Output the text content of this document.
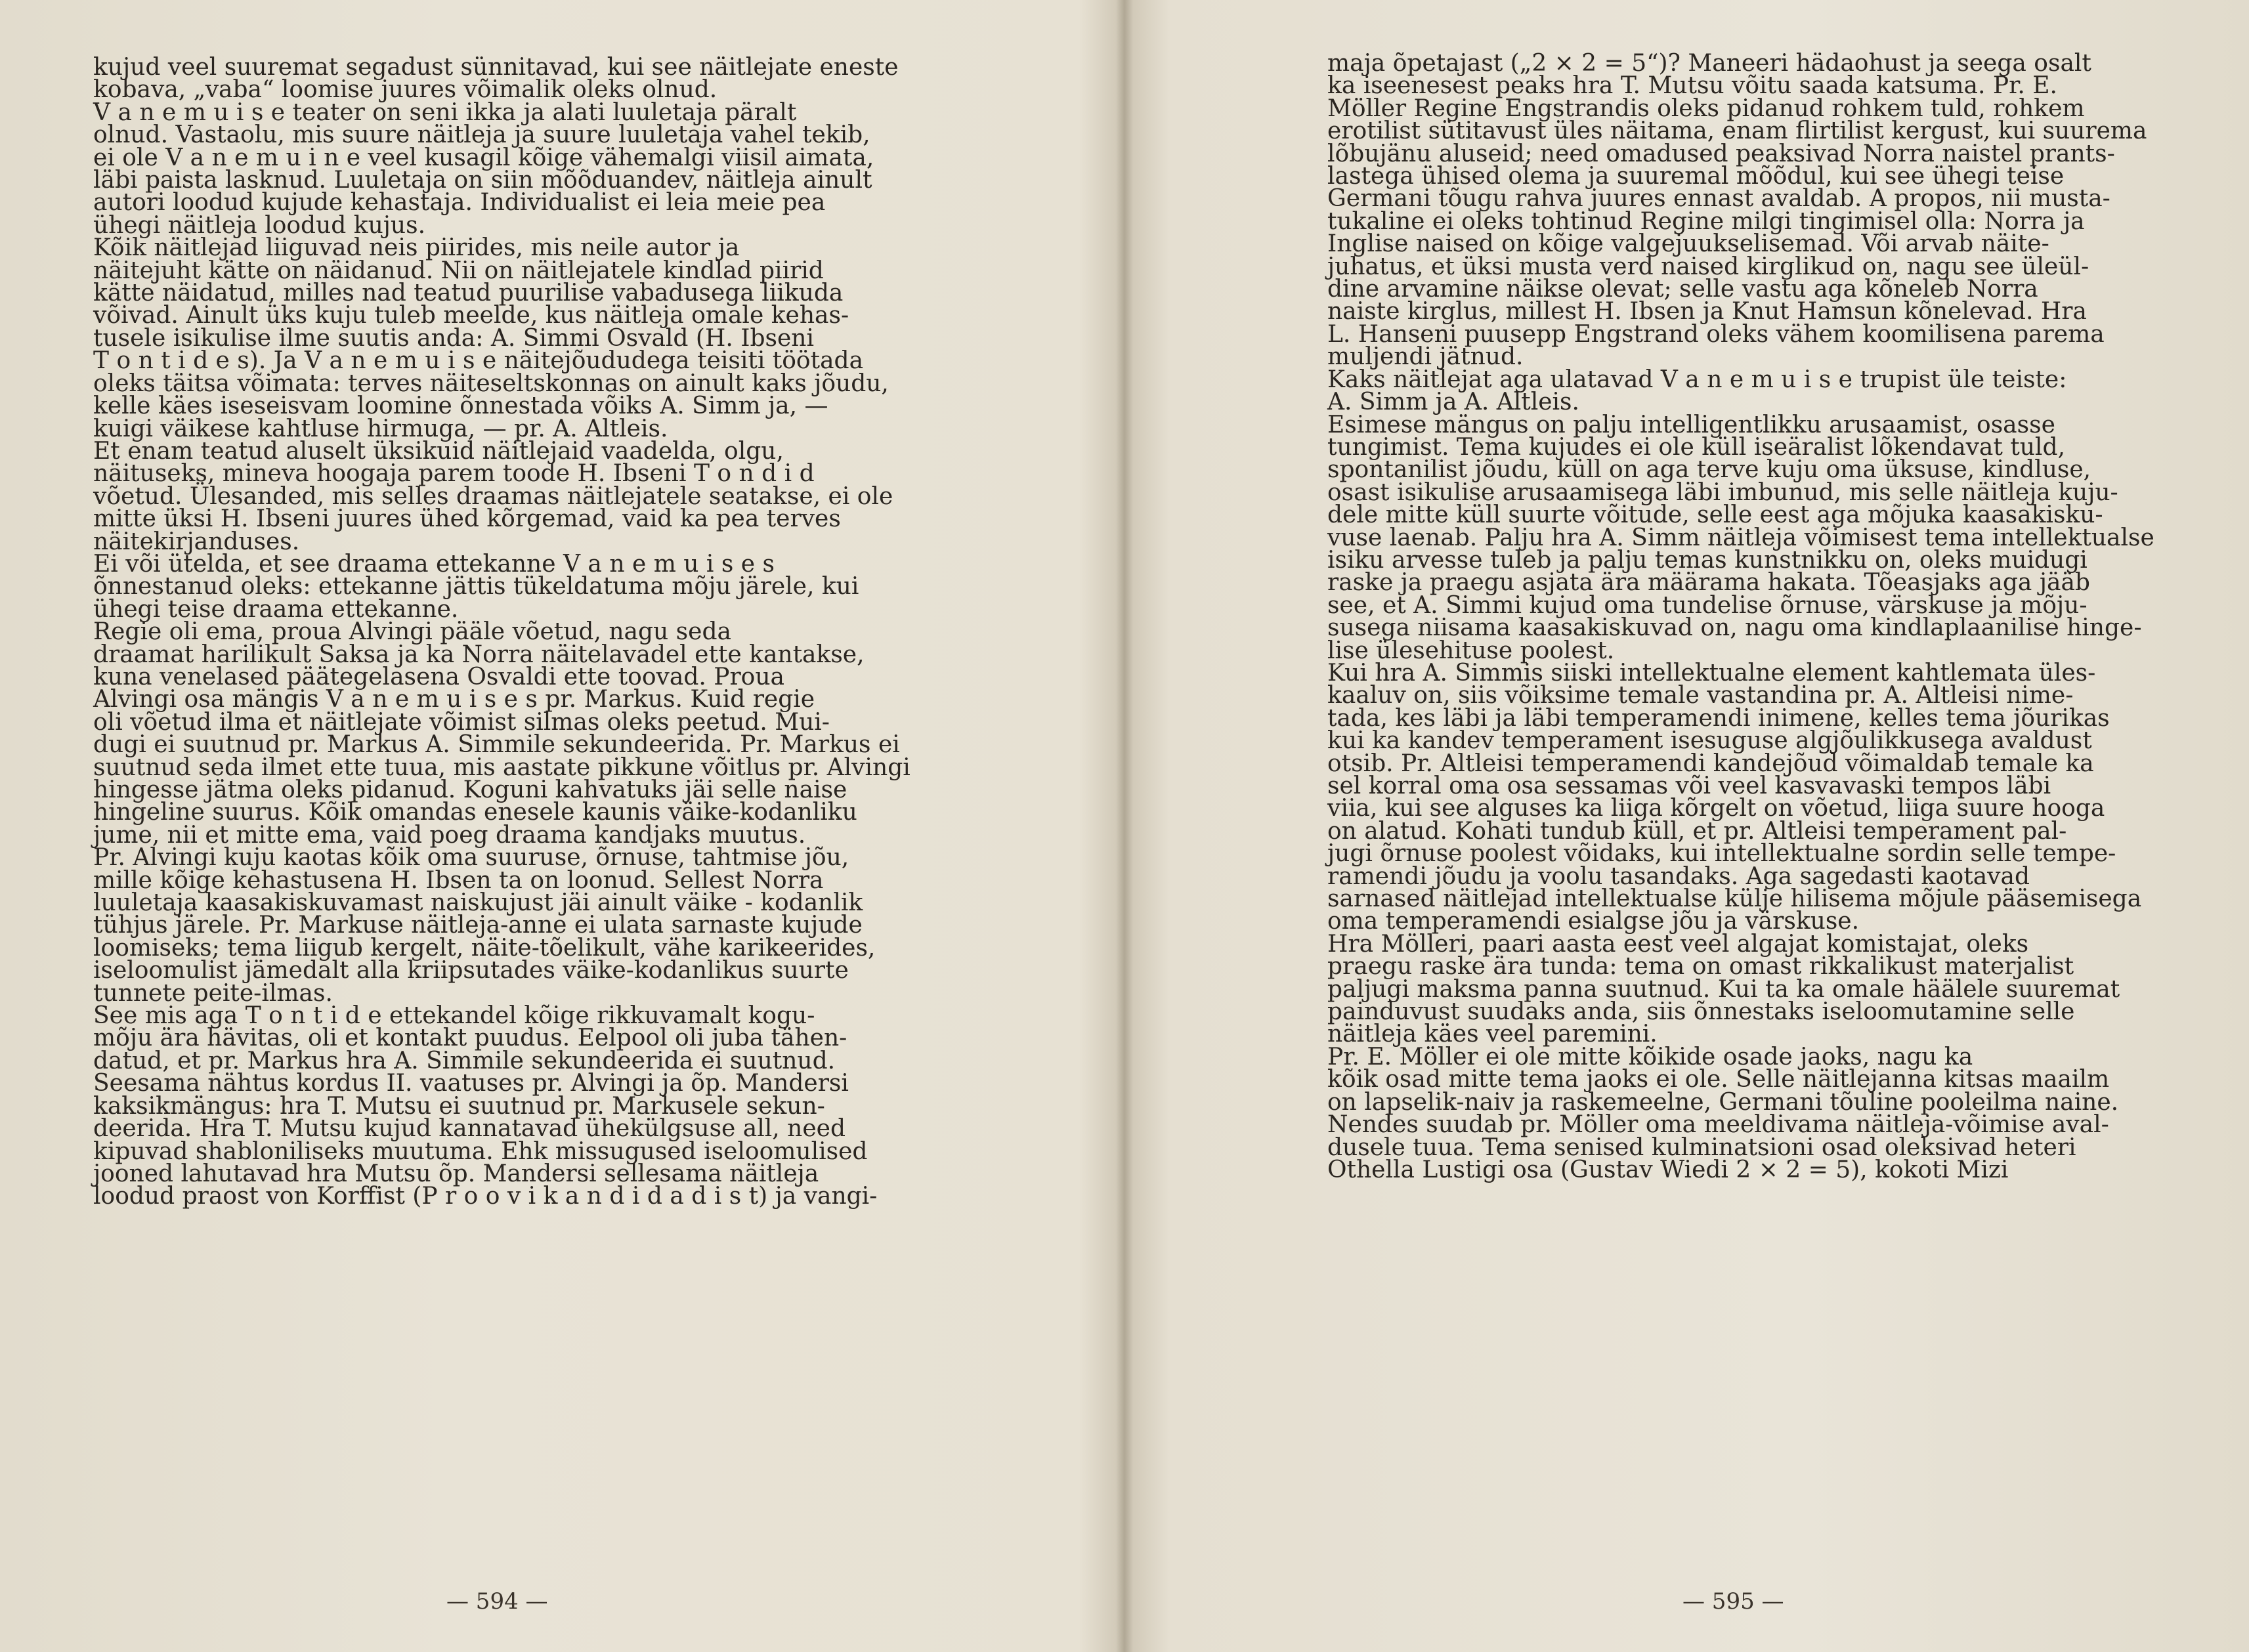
kujud veel suuremat segadust sünnitavad, kui see näitlejate eneste
kobava, „vaba“ loomise juures võimalik oleks olnud.

V a n e m u i s e teater on seni ikka ja alati luuletaja päralt
olnud. Vastaolu, mis suure näitleja ja suure luuletaja vahel tekib,
ei ole V a n e m u i n e veel kusagil kõige vähemalgi viisil aimata,
läbi paista lasknud. Luuletaja on siin mõõduandev, näitleja ainult
autori loodud kujude kehastaja. Individualist ei leia meie pea
ühegi näitleja loodud kujus.

Kõik näitlejad liiguvad neis piirides, mis neile autor ja
näitejuht kätte on näidanud. Nii on näitlejatele kindlad piirid
kätte näidatud, milles nad teatud puurilise vabadusega liikuda
võivad. Ainult üks kuju tuleb meelde, kus näitleja omale kehas-
tusele isikulise ilme suutis anda: A. Simmi Osvald (H. Ibseni
T o n t i d e s). Ja V a n e m u i s e näitejõududega teisiti töötada
oleks täitsa võimata: terves näiteseltskonnas on ainult kaks jõudu,
kelle käes iseseisvam loomine õnnestada võiks A. Simm ja, —
kuigi väikese kahtluse hirmuga, — pr. A. Altleis.

Et enam teatud aluselt üksikuid näitlejaid vaadelda, olgu,
näituseks, mineva hoogaja parem toode H. Ibseni T o n d i d
võetud. Ülesanded, mis selles draamas näitlejatele seatakse, ei ole
mitte üksi H. Ibseni juures ühed kõrgemad, vaid ka pea terves
näitekirjanduses.

Ei või ütelda, et see draama ettekanne V a n e m u i s e s
õnnestanud oleks: ettekanne jättis tükeldatuma mõju järele, kui
ühegi teise draama ettekanne.

Regie oli ema, proua Alvingi pääle võetud, nagu seda
draamat harilikult Saksa ja ka Norra näitelavadel ette kantakse,
kuna venelased päätegelasena Osvaldi ette toovad. Proua
Alvingi osa mängis V a n e m u i s e s pr. Markus. Kuid regie
oli võetud ilma et näitlejate võimist silmas oleks peetud. Mui-
dugi ei suutnud pr. Markus A. Simmile sekundeerida. Pr. Markus ei
suutnud seda ilmet ette tuua, mis aastate pikkune võitlus pr. Alvingi
hingesse jätma oleks pidanud. Koguni kahvatuks jäi selle naise
hingeline suurus. Kõik omandas enesele kaunis väike-kodanliku
jume, nii et mitte ema, vaid poeg draama kandjaks muutus.
Pr. Alvingi kuju kaotas kõik oma suuruse, õrnuse, tahtmise jõu,
mille kõige kehastusena H. Ibsen ta on loonud. Sellest Norra
luuletaja kaasakiskuvamast naiskujust jäi ainult väike - kodanlik
tühjus järele. Pr. Markuse näitleja-anne ei ulata sarnaste kujude
loomiseks; tema liigub kergelt, näite-tõelikult, vähe karikeerides,
iseloomulist jämedalt alla kriipsutades väike-kodanlikus suurte
tunnete peite-ilmas.

See mis aga T o n t i d e ettekandel kõige rikkuvamalt kogu-
mõju ära hävitas, oli et kontakt puudus. Eelpool oli juba tähen-
datud, et pr. Markus hra A. Simmile sekundeerida ei suutnud.
Seesama nähtus kordus II. vaatuses pr. Alvingi ja õp. Mandersi
kaksikmängus: hra T. Mutsu ei suutnud pr. Markusele sekun-
deerida. Hra T. Mutsu kujud kannatavad ühekülgsuse all, need
kipuvad shabloniliseks muutuma. Ehk missugused iseloomulised
jooned lahutavad hra Mutsu õp. Mandersi sellesama näitleja
loodud praost von Korffist (P r o o v i k a n d i d a d i s t) ja vangi-

— 594 —

maja õpetajast („2 × 2 = 5“)? Maneeri hädaohust ja seega osalt
ka iseenesest peaks hra T. Mutsu võitu saada katsuma. Pr. E.
Möller Regine Engstrandis oleks pidanud rohkem tuld, rohkem
erotilist sütitavust üles näitama, enam flirtilist kergust, kui suurema
lõbujänu aluseid; need omadused peaksivad Norra naistel prants-
lastega ühised olema ja suuremal mõõdul, kui see ühegi teise
Germani tõugu rahva juures ennast avaldab. A propos, nii musta-
tukaline ei oleks tohtinud Regine milgi tingimisel olla: Norra ja
Inglise naised on kõige valgejuukselisemad. Või arvab näite-
juhatus, et üksi musta verd naised kirglikud on, nagu see üleül-
dine arvamine näikse olevat; selle vastu aga kõneleb Norra
naiste kirglus, millest H. Ibsen ja Knut Hamsun kõnelevad. Hra
L. Hanseni puusepp Engstrand oleks vähem koomilisena parema
muljendi jätnud.

Kaks näitlejat aga ulatavad V a n e m u i s e trupist üle teiste:
A. Simm ja A. Altleis.

Esimese mängus on palju intelligentlikku arusaamist, osasse
tungimist. Tema kujudes ei ole küll iseäralist lõkendavat tuld,
spontanilist jõudu, küll on aga terve kuju oma üksuse, kindluse,
osast isikulise arusaamisega läbi imbunud, mis selle näitleja kuju-
dele mitte küll suurte võitude, selle eest aga mõjuka kaasakisku-
vuse laenab. Palju hra A. Simm näitleja võimisest tema intellektualse
isiku arvesse tuleb ja palju temas kunstnikku on, oleks muidugi
raske ja praegu asjata ära määrama hakata. Tõeasjaks aga jääb
see, et A. Simmi kujud oma tundelise õrnuse, värskuse ja mõju-
susega niisama kaasakiskuvad on, nagu oma kindlaplaanilise hinge-
lise ülesehituse poolest.

Kui hra A. Simmis siiski intellektualne element kahtlemata üles-
kaaluv on, siis võiksime temale vastandina pr. A. Altleisi nime-
tada, kes läbi ja läbi temperamendi inimene, kelles tema jõurikas
kui ka kandev temperament isesuguse algjõulikkusega avaldust
otsib. Pr. Altleisi temperamendi kandejõud võimaldab temale ka
sel korral oma osa sessamas või veel kasvavaski tempos läbi
viia, kui see alguses ka liiga kõrgelt on võetud, liiga suure hooga
on alatud. Kohati tundub küll, et pr. Altleisi temperament pal-
jugi õrnuse poolest võidaks, kui intellektualne sordin selle tempe-
ramendi jõudu ja voolu tasandaks. Aga sagedasti kaotavad
sarnased näitlejad intellektualse külje hilisema mõjule pääsemisega
oma temperamendi esialgse jõu ja värskuse.

Hra Mölleri, paari aasta eest veel algajat komistajat, oleks
praegu raske ära tunda: tema on omast rikkalikust materjalist
paljugi maksma panna suutnud. Kui ta ka omale häälele suuremat
painduvust suudaks anda, siis õnnestaks iseloomutamine selle
näitleja käes veel paremini.

Pr. E. Möller ei ole mitte kõikide osade jaoks, nagu ka
kõik osad mitte tema jaoks ei ole. Selle näitlejanna kitsas maailm
on lapselik-naiv ja raskemeelne, Germani tõuline pooleilma naine.
Nendes suudab pr. Möller oma meeldivama näitleja-võimise aval-
dusele tuua. Tema senised kulminatsioni osad oleksivad heteri
Othella Lustigi osa (Gustav Wiedi 2 × 2 = 5), kokoti Mizi

— 595 —
